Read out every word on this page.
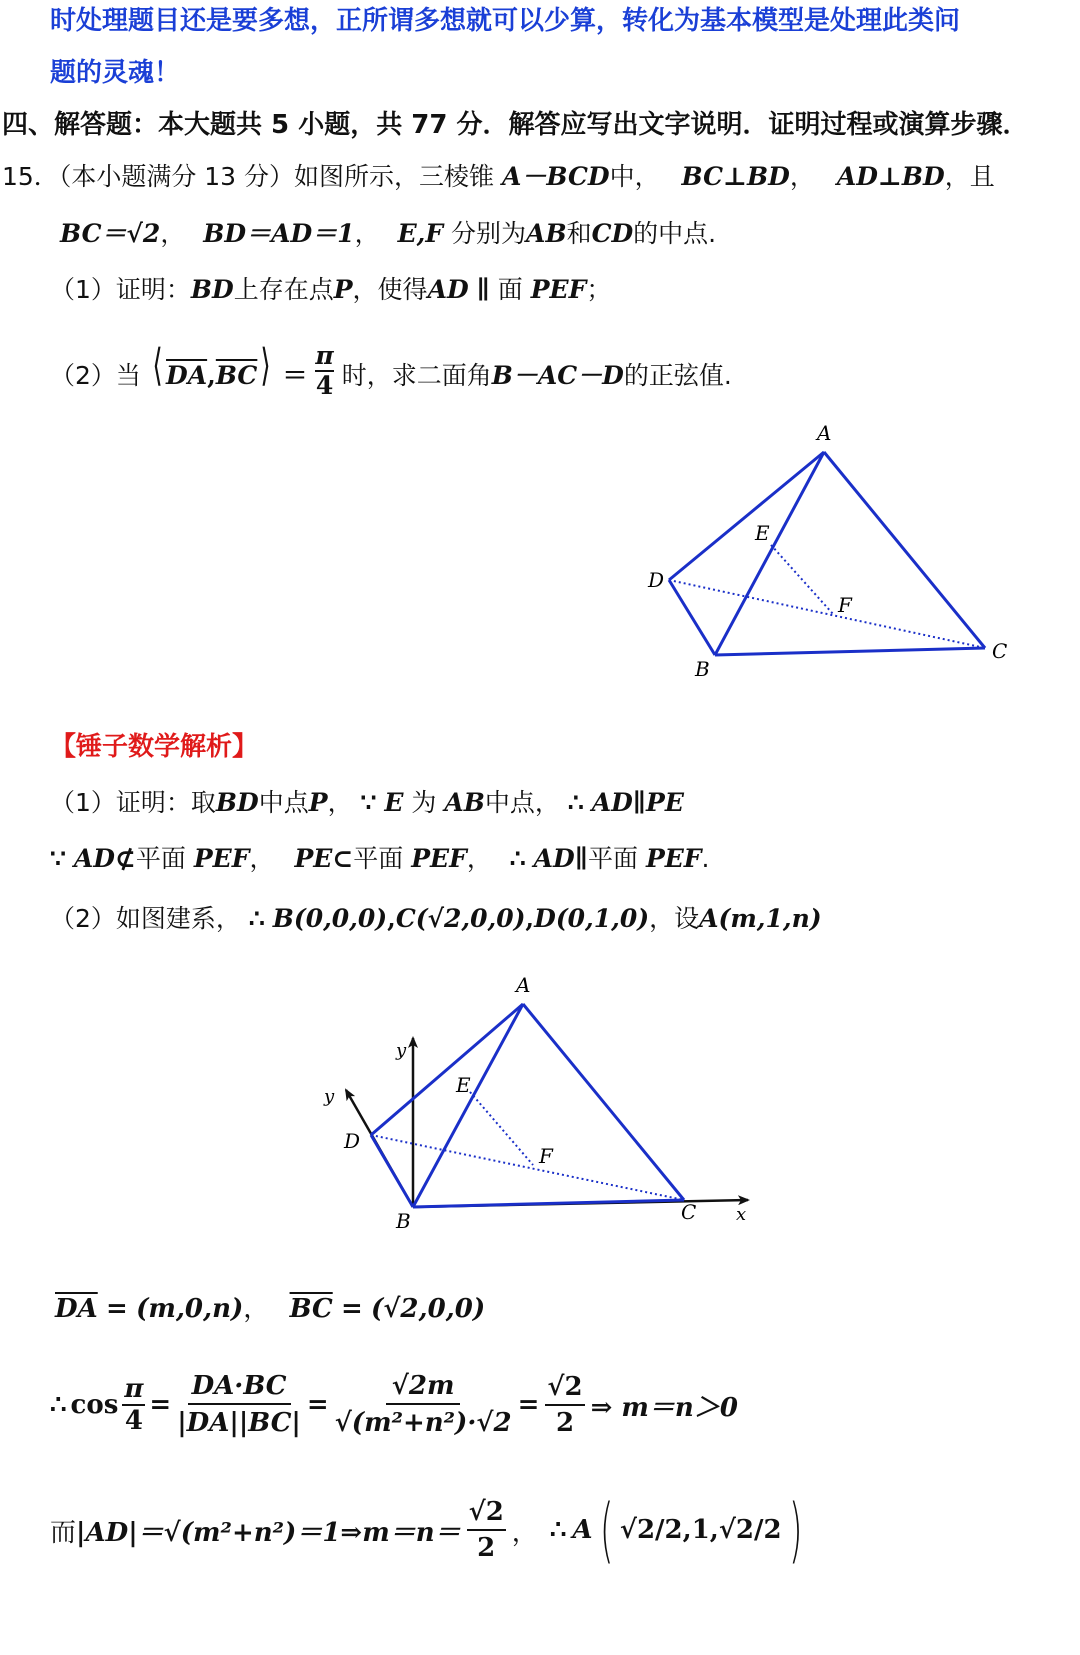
时处理题目还是要多想，正所谓多想就可以少算，转化为基本模型是处理此类问
题的灵魂！
四、解答题：本大题共 5 小题，共 77 分．解答应写出文字说明．证明过程或演算步骤．
15．（本小题满分 13 分）如图所示，三棱锥 A－BCD中， BC⊥BD， AD⊥BD，且
BC＝√2， BD＝AD＝1， E,F 分别为AB和CD的中点.
（1）证明：BD上存在点P，使得AD ∥ 面 PEF；
（2）当 ⟨ $\overline{DA},\overline{BC}⟩ = \frac{\pi}{4}$ 时，求二面角B－AC－D的正弦值.
A
D
E
F
B
C
【锤子数学解析】
（1）证明：取BD中点P， ∵ E 为 AB中点， ∴ AD∥PE
∵ AD⊄平面 PEF， PE⊂平面 PEF， ∴ AD∥平面 PEF.
（2）如图建系， ∴ B(0,0,0),C(√2,0,0),D(0,1,0)，设A(m,1,n)
A
D
E
F
B	C x
y
y
$\overline{DA} = (m,0,n)$， $\overline{BC} = (√2,0,0)$
∴ $\cos \frac{\pi}{4} = \frac{DA\cdot BC}{|DA||BC|} = \frac{√2m}{\text{√(m²+n²)·√2}} = \frac{√2}{2}$ ⇒ m＝n＞0
而 |AD|＝√(m²+n²)＝1⇒m＝n＝ $\frac{√2}{2}$ ， ∴ A ( √2/2 , 1 , √2/2 )
